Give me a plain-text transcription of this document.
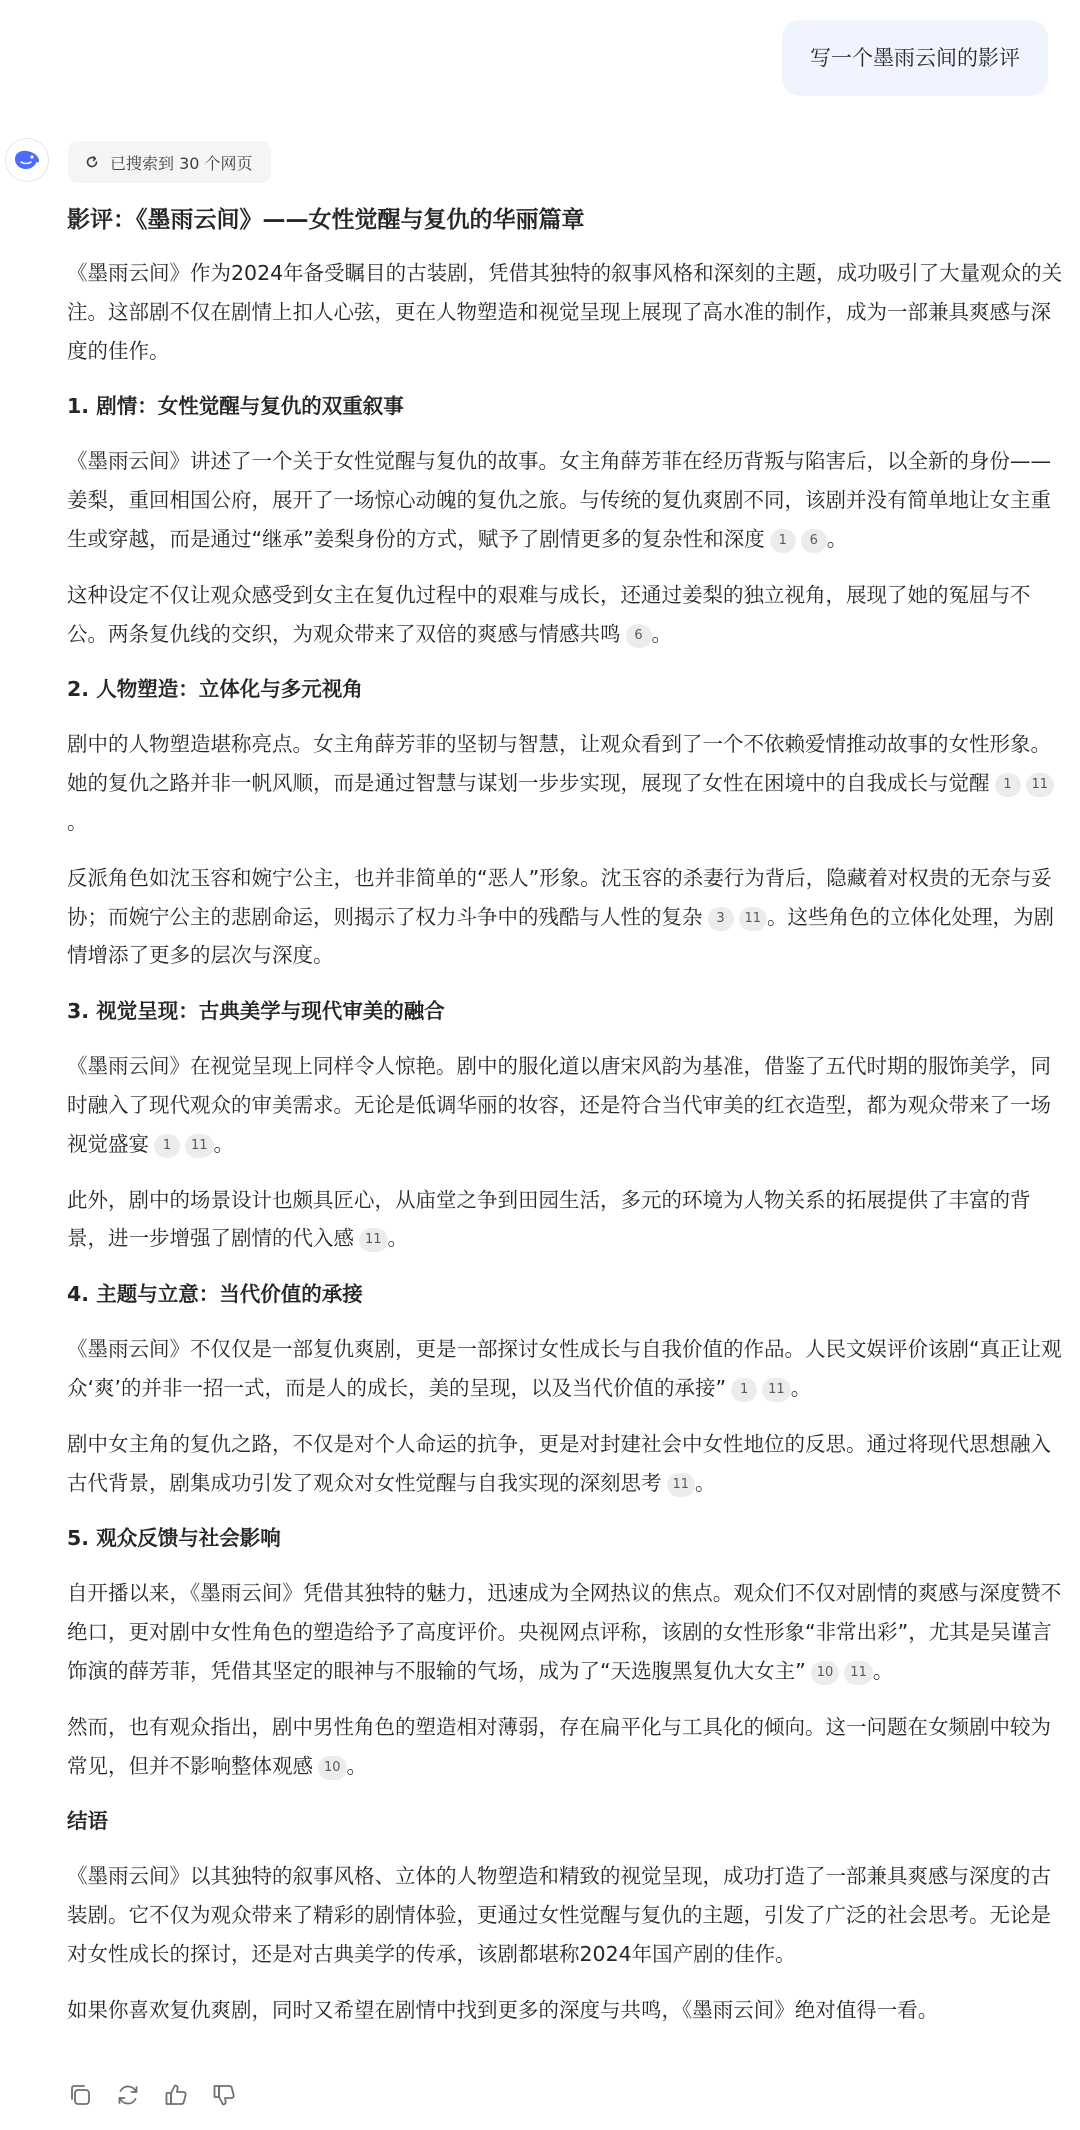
写一个墨雨云间的影评
已搜索到 30 个网页
影评：《墨雨云间》——女性觉醒与复仇的华丽篇章

《墨雨云间》作为2024年备受瞩目的古装剧，凭借其独特的叙事风格和深刻的主题，成功吸引了大量观众的关注。这部剧不仅在剧情上扣人心弦，更在人物塑造和视觉呈现上展现了高水准的制作，成为一部兼具爽感与深度的佳作。

1. 剧情：女性觉醒与复仇的双重叙事

《墨雨云间》讲述了一个关于女性觉醒与复仇的故事。女主角薛芳菲在经历背叛与陷害后，以全新的身份——姜梨，重回相国公府，展开了一场惊心动魄的复仇之旅。与传统的复仇爽剧不同，该剧并没有简单地让女主重生或穿越，而是通过“继承”姜梨身份的方式，赋予了剧情更多的复杂性和深度 1 6 。

这种设定不仅让观众感受到女主在复仇过程中的艰难与成长，还通过姜梨的独立视角，展现了她的冤屈与不公。两条复仇线的交织，为观众带来了双倍的爽感与情感共鸣 6 。

2. 人物塑造：立体化与多元视角

剧中的人物塑造堪称亮点。女主角薛芳菲的坚韧与智慧，让观众看到了一个不依赖爱情推动故事的女性形象。她的复仇之路并非一帆风顺，而是通过智慧与谋划一步步实现，展现了女性在困境中的自我成长与觉醒 1 11。

反派角色如沈玉容和婉宁公主，也并非简单的“恶人”形象。沈玉容的杀妻行为背后，隐藏着对权贵的无奈与妥协；而婉宁公主的悲剧命运，则揭示了权力斗争中的残酷与人性的复杂 3 11 。这些角色的立体化处理，为剧情增添了更多的层次与深度。

3. 视觉呈现：古典美学与现代审美的融合

《墨雨云间》在视觉呈现上同样令人惊艳。剧中的服化道以唐宋风韵为基准，借鉴了五代时期的服饰美学，同时融入了现代观众的审美需求。无论是低调华丽的妆容，还是符合当代审美的红衣造型，都为观众带来了一场视觉盛宴 1 11 。

此外，剧中的场景设计也颇具匠心，从庙堂之争到田园生活，多元的环境为人物关系的拓展提供了丰富的背景，进一步增强了剧情的代入感 11 。

4. 主题与立意：当代价值的承接

《墨雨云间》不仅仅是一部复仇爽剧，更是一部探讨女性成长与自我价值的作品。人民文娱评价该剧“真正让观众‘爽’的并非一招一式，而是人的成长，美的呈现，以及当代价值的承接” 1 11 。

剧中女主角的复仇之路，不仅是对个人命运的抗争，更是对封建社会中女性地位的反思。通过将现代思想融入古代背景，剧集成功引发了观众对女性觉醒与自我实现的深刻思考 11 。

5. 观众反馈与社会影响

自开播以来，《墨雨云间》凭借其独特的魅力，迅速成为全网热议的焦点。观众们不仅对剧情的爽感与深度赞不绝口，更对剧中女性角色的塑造给予了高度评价。央视网点评称，该剧的女性形象“非常出彩”，尤其是吴谨言饰演的薛芳菲，凭借其坚定的眼神与不服输的气场，成为了“天选腹黑复仇大女主” 10 11 。

然而，也有观众指出，剧中男性角色的塑造相对薄弱，存在扁平化与工具化的倾向。这一问题在女频剧中较为常见，但并不影响整体观感 10 。

结语

《墨雨云间》以其独特的叙事风格、立体的人物塑造和精致的视觉呈现，成功打造了一部兼具爽感与深度的古装剧。它不仅为观众带来了精彩的剧情体验，更通过女性觉醒与复仇的主题，引发了广泛的社会思考。无论是对女性成长的探讨，还是对古典美学的传承，该剧都堪称2024年国产剧的佳作。

如果你喜欢复仇爽剧，同时又希望在剧情中找到更多的深度与共鸣，《墨雨云间》绝对值得一看。
